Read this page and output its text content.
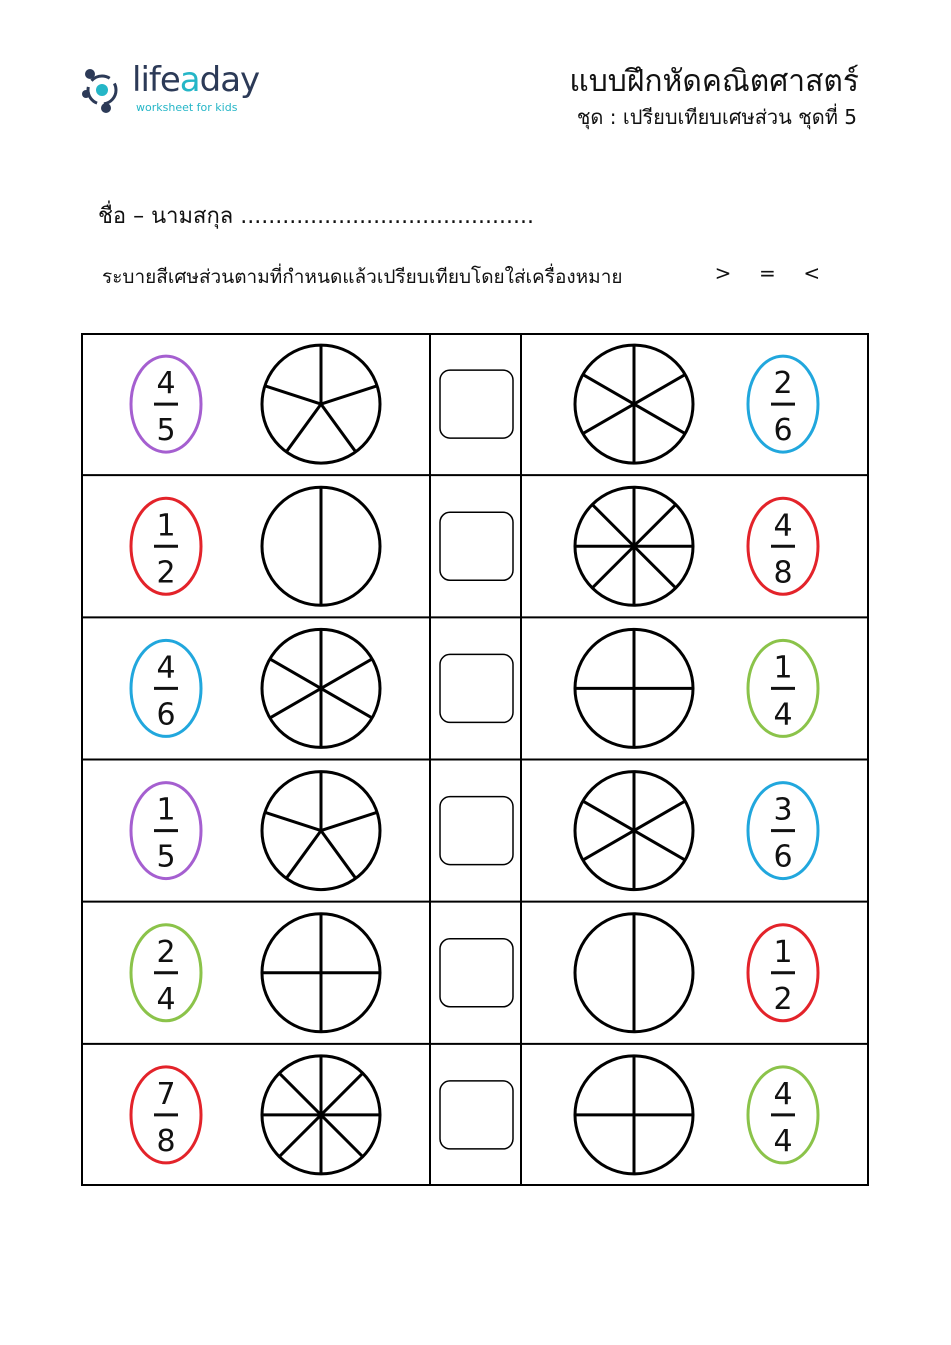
lifeaday
worksheet for kids
แบบฝึกหัดคณิตศาสตร์
ชุด : เปรียบเทียบเศษส่วน ชุดที่ 5
ชื่อ – นามสกุล ..........................................
ระบายสีเศษส่วนตามที่กำหนดแล้วเปรียบเทียบโดยใส่เครื่องหมาย	> = <
4
5
2
6
1
2
4
8
4
6
1
4
1
5
3
6
2
4
1
2
7
8
4
4
